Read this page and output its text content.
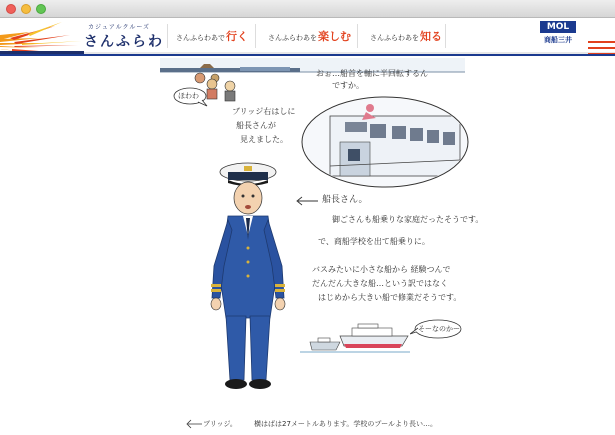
カジュアルクルーズ
さんふらわ さんふらわあで行く	さんふらわあを楽しむ	さんふらわあを知る
MOL
商船三井
ほわわ
おぉ…船首を軸に半回転するん
ですか。
ブリッジ右はしに
船長さんが
見えました。
船長さん。
御ごさんも船乗りな家庭だったそうです。
で、商船学校を出て船乗りに。
バスみたいに小さな船から 経験つんで
だんだん大きな船…という訳ではなく
はじめから大きい船で修業だそうです。
そーなのかー
ブリッジ。 横はばは27メートルあります。学校のプールより長い…。
